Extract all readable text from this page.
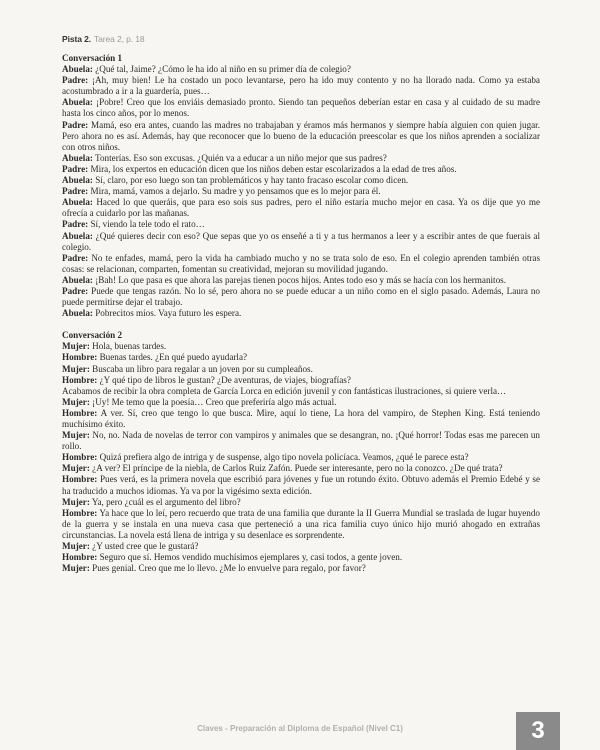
Pista 2. Tarea 2, p. 18

Conversación 1

Abuela: ¿Qué tal, Jaime? ¿Cómo le ha ido al niño en su primer día de colegio?

Padre: ¡Ah, muy bien! Le ha costado un poco levantarse, pero ha ido muy contento y no ha llorado nada. Como ya estaba acostumbrado a ir a la guardería, pues…

Abuela: ¡Pobre! Creo que los enviáis demasiado pronto. Siendo tan pequeños deberían estar en casa y al cuidado de su madre hasta los cinco años, por lo menos.

Padre: Mamá, eso era antes, cuando las madres no trabajaban y éramos más hermanos y siempre había alguien con quien jugar. Pero ahora no es así. Además, hay que reconocer que lo bueno de la educación preescolar es que los niños aprenden a socializar con otros niños.

Abuela: Tonterías. Eso son excusas. ¿Quién va a educar a un niño mejor que sus padres?

Padre: Mira, los expertos en educación dicen que los niños deben estar escolarizados a la edad de tres años.

Abuela: Sí, claro, por eso luego son tan problemáticos y hay tanto fracaso escolar como dicen.

Padre: Mira, mamá, vamos a dejarlo. Su madre y yo pensamos que es lo mejor para él.

Abuela: Haced lo que queráis, que para eso sois sus padres, pero el niño estaría mucho mejor en casa. Ya os dije que yo me ofrecía a cuidarlo por las mañanas.

Padre: Sí, viendo la tele todo el rato…

Abuela: ¿Qué quieres decir con eso? Que sepas que yo os enseñé a ti y a tus hermanos a leer y a escribir antes de que fuerais al colegio.

Padre: No te enfades, mamá, pero la vida ha cambiado mucho y no se trata solo de eso. En el colegio aprenden también otras cosas: se relacionan, comparten, fomentan su creatividad, mejoran su movilidad jugando.

Abuela: ¡Bah! Lo que pasa es que ahora las parejas tienen pocos hijos. Antes todo eso y más se hacía con los hermanitos.

Padre: Puede que tengas razón. No lo sé, pero ahora no se puede educar a un niño como en el siglo pasado. Además, Laura no puede permitirse dejar el trabajo.

Abuela: Pobrecitos míos. Vaya futuro les espera.

Conversación 2

Mujer: Hola, buenas tardes.

Hombre: Buenas tardes. ¿En qué puedo ayudarla?

Mujer: Buscaba un libro para regalar a un joven por su cumpleaños.

Hombre: ¿Y qué tipo de libros le gustan? ¿De aventuras, de viajes, biografías?

Acabamos de recibir la obra completa de García Lorca en edición juvenil y con fantásticas ilustraciones, si quiere verla…

Mujer: ¡Uy! Me temo que la poesía… Creo que preferiría algo más actual.

Hombre: A ver. Sí, creo que tengo lo que busca. Mire, aquí lo tiene, La hora del vampiro, de Stephen King. Está teniendo muchísimo éxito.

Mujer: No, no. Nada de novelas de terror con vampiros y animales que se desangran, no. ¡Qué horror! Todas esas me parecen un rollo.

Hombre: Quizá prefiera algo de intriga y de suspense, algo tipo novela policíaca. Veamos, ¿qué le parece esta?

Mujer: ¿A ver? El príncipe de la niebla, de Carlos Ruiz Zafón. Puede ser interesante, pero no la conozco. ¿De qué trata?

Hombre: Pues verá, es la primera novela que escribió para jóvenes y fue un rotundo éxito. Obtuvo además el Premio Edebé y se ha traducido a muchos idiomas. Ya va por la vigésimo sexta edición.

Mujer: Ya, pero ¿cuál es el argumento del libro?

Hombre: Ya hace que lo leí, pero recuerdo que trata de una familia que durante la II Guerra Mundial se traslada de lugar huyendo de la guerra y se instala en una nueva casa que perteneció a una rica familia cuyo único hijo murió ahogado en extrañas circunstancias. La novela está llena de intriga y su desenlace es sorprendente.

Mujer: ¿Y usted cree que le gustará?

Hombre: Seguro que sí. Hemos vendido muchísimos ejemplares y, casi todos, a gente joven.

Mujer: Pues genial. Creo que me lo llevo. ¿Me lo envuelve para regalo, por favor?

Claves - Preparación al Diploma de Español (Nivel C1)	3
